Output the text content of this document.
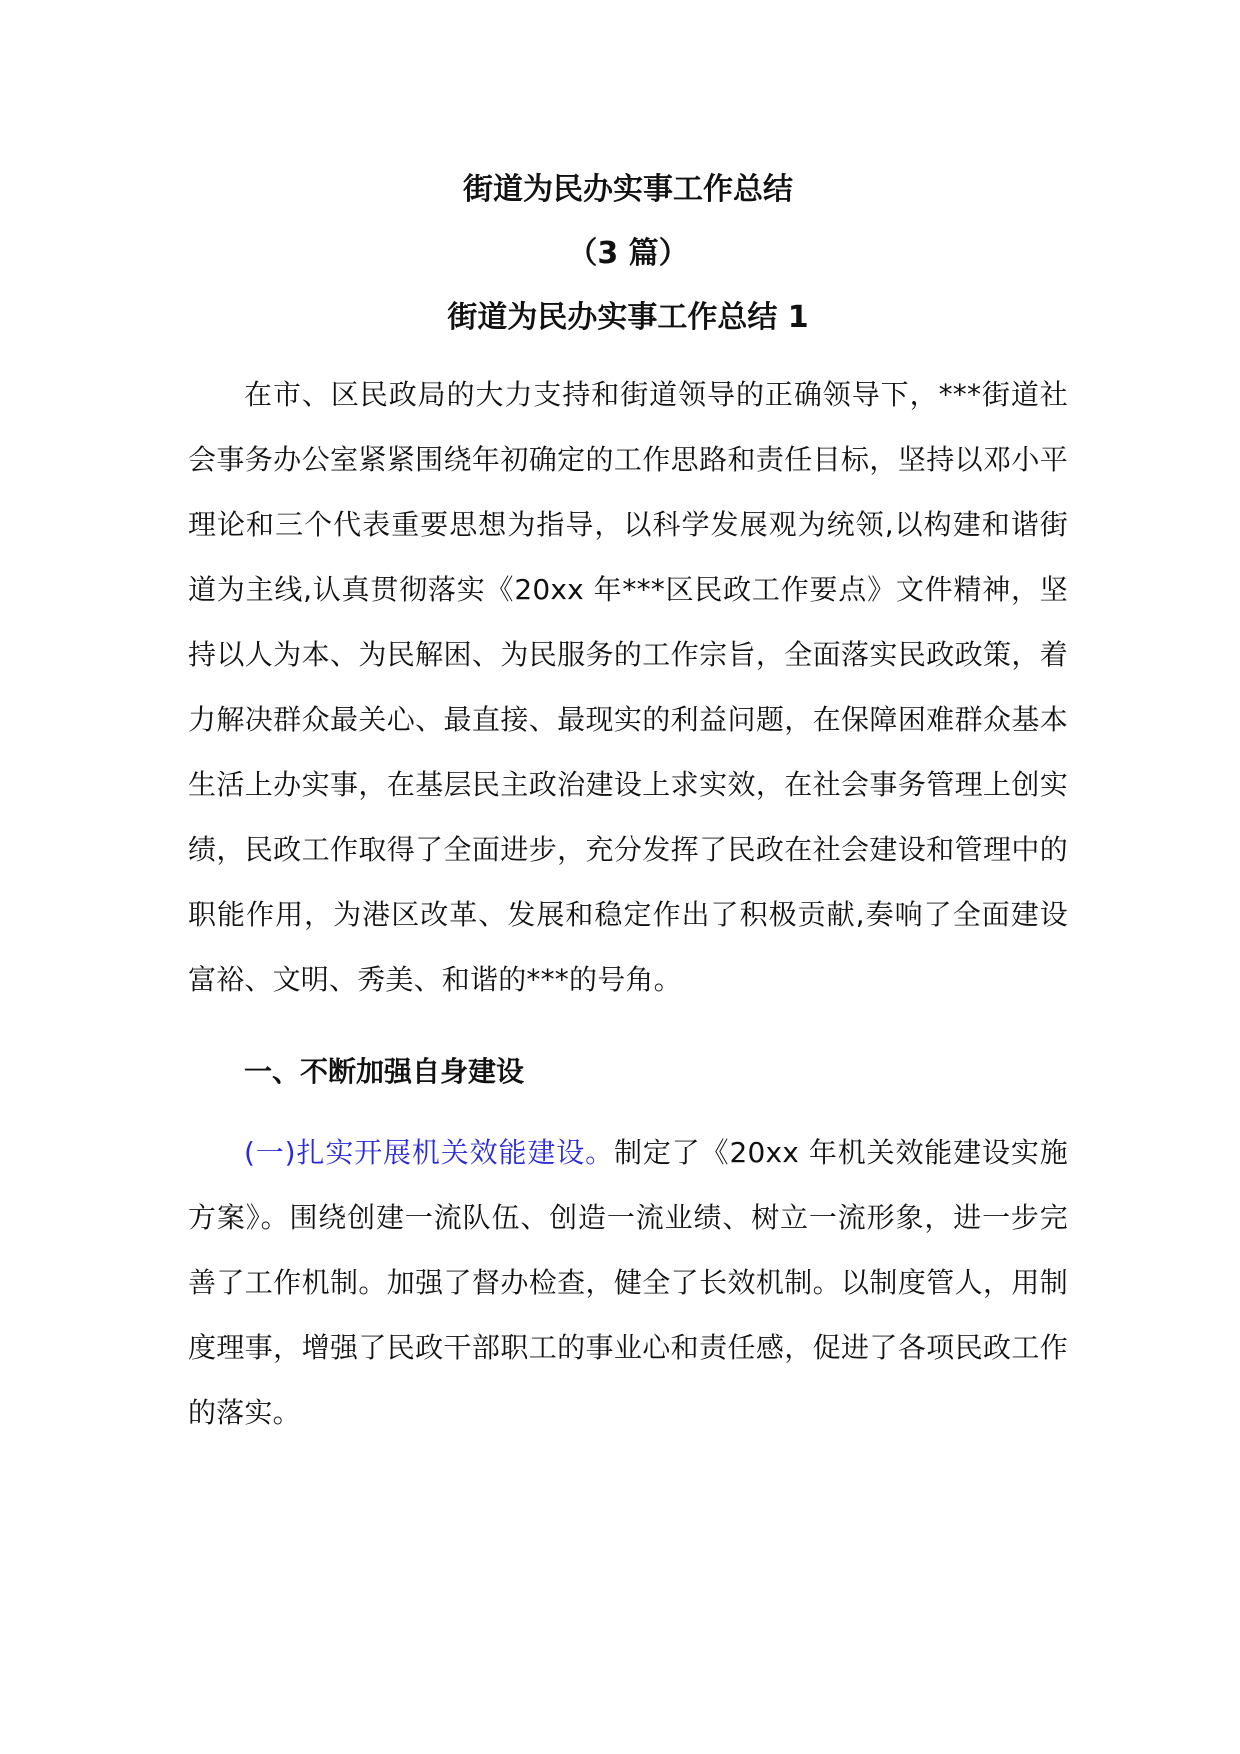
街道为民办实事工作总结
（3 篇）
街道为民办实事工作总结 1

在市、区民政局的大力支持和街道领导的正确领导下，***街道社会事务办公室紧紧围绕年初确定的工作思路和责任目标，坚持以邓小平理论和三个代表重要思想为指导，以科学发展观为统领,以构建和谐街道为主线,认真贯彻落实《20xx 年***区民政工作要点》文件精神，坚持以人为本、为民解困、为民服务的工作宗旨，全面落实民政政策，着力解决群众最关心、最直接、最现实的利益问题，在保障困难群众基本生活上办实事，在基层民主政治建设上求实效，在社会事务管理上创实绩，民政工作取得了全面进步，充分发挥了民政在社会建设和管理中的职能作用，为港区改革、发展和稳定作出了积极贡献,奏响了全面建设富裕、文明、秀美、和谐的***的号角。

一、不断加强自身建设

(一)扎实开展机关效能建设。制定了《20xx 年机关效能建设实施方案》。围绕创建一流队伍、创造一流业绩、树立一流形象，进一步完善了工作机制。加强了督办检查，健全了长效机制。以制度管人，用制度理事，增强了民政干部职工的事业心和责任感，促进了各项民政工作的落实。
